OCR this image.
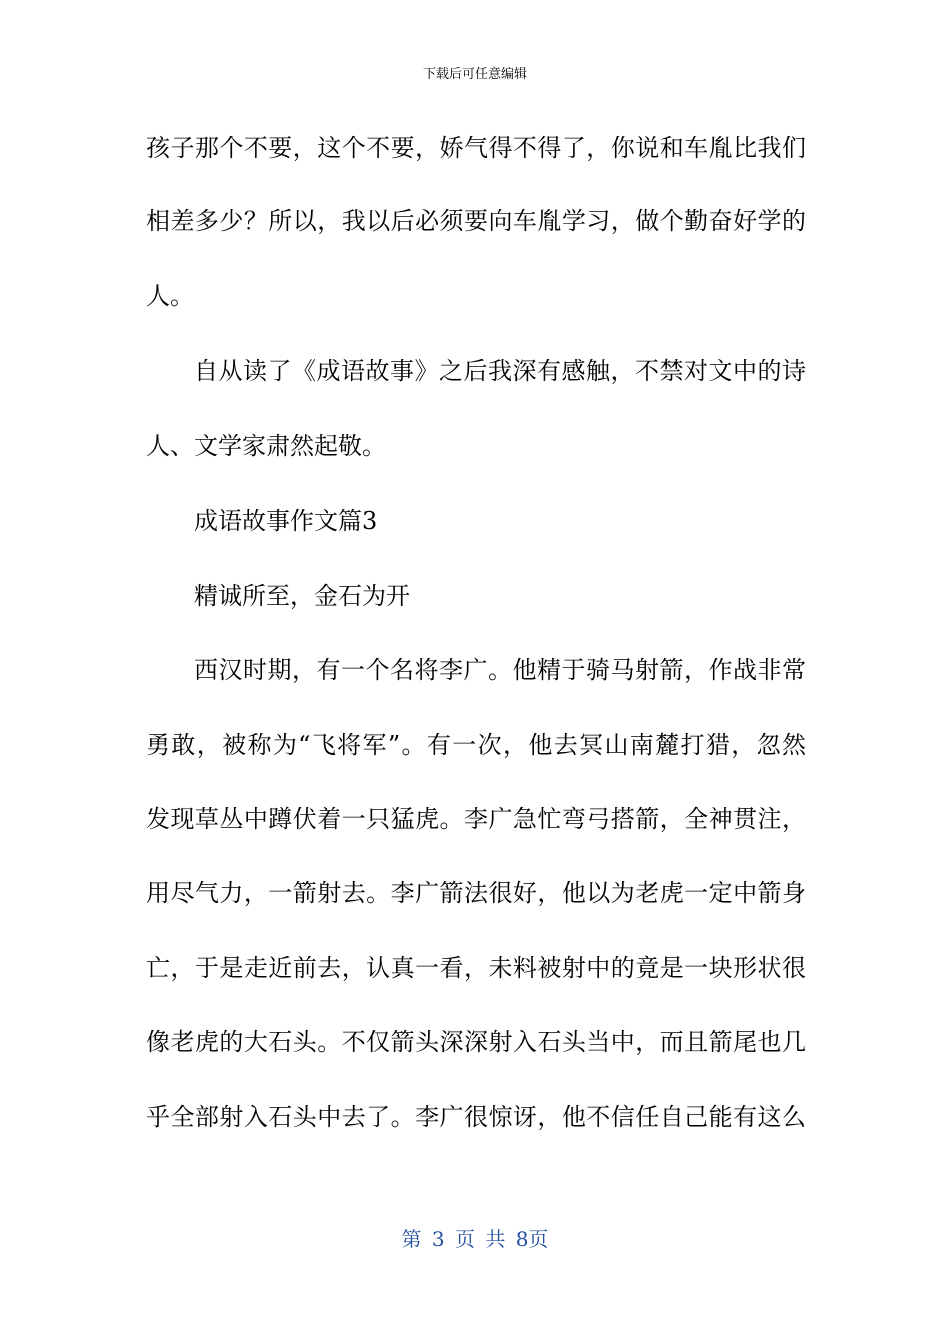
下载后可任意编辑
孩子那个不要，这个不要，娇气得不得了，你说和车胤比我们
相差多少？所以，我以后必须要向车胤学习，做个勤奋好学的
人。
自从读了《成语故事》之后我深有感触，不禁对文中的诗
人、文学家肃然起敬。
成语故事作文篇3
精诚所至，金石为开
西汉时期，有一个名将李广。他精于骑马射箭，作战非常
勇敢，被称为“飞将军”。有一次，他去冥山南麓打猎，忽然
发现草丛中蹲伏着一只猛虎。李广急忙弯弓搭箭，全神贯注，
用尽气力，一箭射去。李广箭法很好，他以为老虎一定中箭身
亡，于是走近前去，认真一看，未料被射中的竟是一块形状很
像老虎的大石头。不仅箭头深深射入石头当中，而且箭尾也几
乎全部射入石头中去了。李广很惊讶，他不信任自己能有这么
第 3 页 共 8页
